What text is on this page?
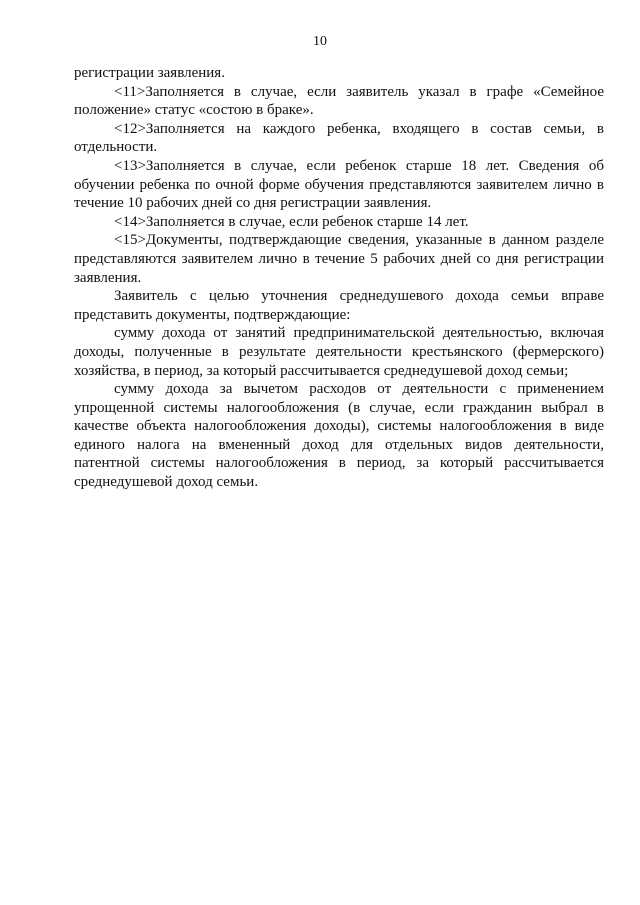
10

регистрации заявления.

<11>Заполняется в случае, если заявитель указал в графе «Семейное положение» статус «состою в браке».

<12>Заполняется на каждого ребенка, входящего в состав семьи, в отдельности.

<13>Заполняется в случае, если ребенок старше 18 лет. Сведения об обучении ребенка по очной форме обучения представляются заявителем лично в течение 10 рабочих дней со дня регистрации заявления.

<14>Заполняется в случае, если ребенок старше 14 лет.

<15>Документы, подтверждающие сведения, указанные в данном разделе представляются заявителем лично в течение 5 рабочих дней со дня регистрации заявления.

Заявитель с целью уточнения среднедушевого дохода семьи вправе представить документы, подтверждающие:

сумму дохода от занятий предпринимательской деятельностью, включая доходы, полученные в результате деятельности крестьянского (фермерского) хозяйства, в период, за который рассчитывается среднедушевой доход семьи;

сумму дохода за вычетом расходов от деятельности с применением упрощенной системы налогообложения (в случае, если гражданин выбрал в качестве объекта налогообложения доходы), системы налогообложения в виде единого налога на вмененный доход для отдельных видов деятельности, патентной системы налогообложения в период, за который рассчитывается среднедушевой доход семьи.
